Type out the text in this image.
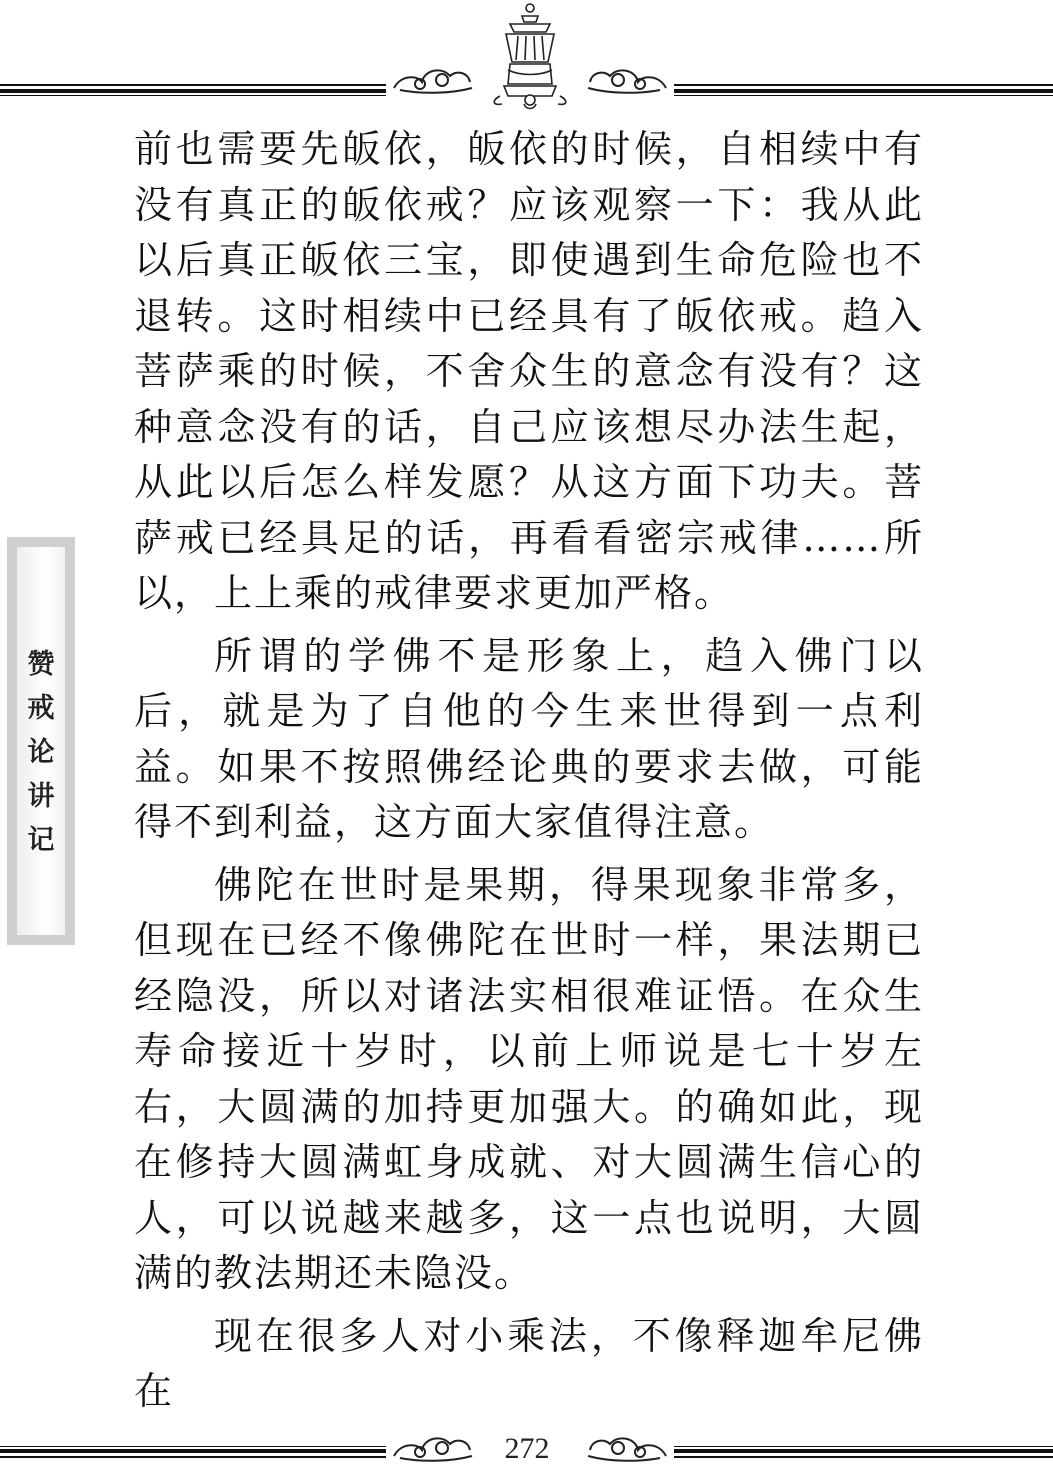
赞
戒
论
讲
记

前也需要先皈依，皈依的时候，自相续中有没有真正的皈依戒？应该观察一下：我从此以后真正皈依三宝，即使遇到生命危险也不退转。这时相续中已经具有了皈依戒。趋入菩萨乘的时候，不舍众生的意念有没有？这种意念没有的话，自己应该想尽办法生起，从此以后怎么样发愿？从这方面下功夫。菩萨戒已经具足的话，再看看密宗戒律……所以，上上乘的戒律要求更加严格。

所谓的学佛不是形象上，趋入佛门以后，就是为了自他的今生来世得到一点利益。如果不按照佛经论典的要求去做，可能得不到利益，这方面大家值得注意。

佛陀在世时是果期，得果现象非常多，但现在已经不像佛陀在世时一样，果法期已经隐没，所以对诸法实相很难证悟。在众生寿命接近十岁时，以前上师说是七十岁左右，大圆满的加持更加强大。的确如此，现在修持大圆满虹身成就、对大圆满生信心的人，可以说越来越多，这一点也说明，大圆满的教法期还未隐没。

现在很多人对小乘法，不像释迦牟尼佛在

272
